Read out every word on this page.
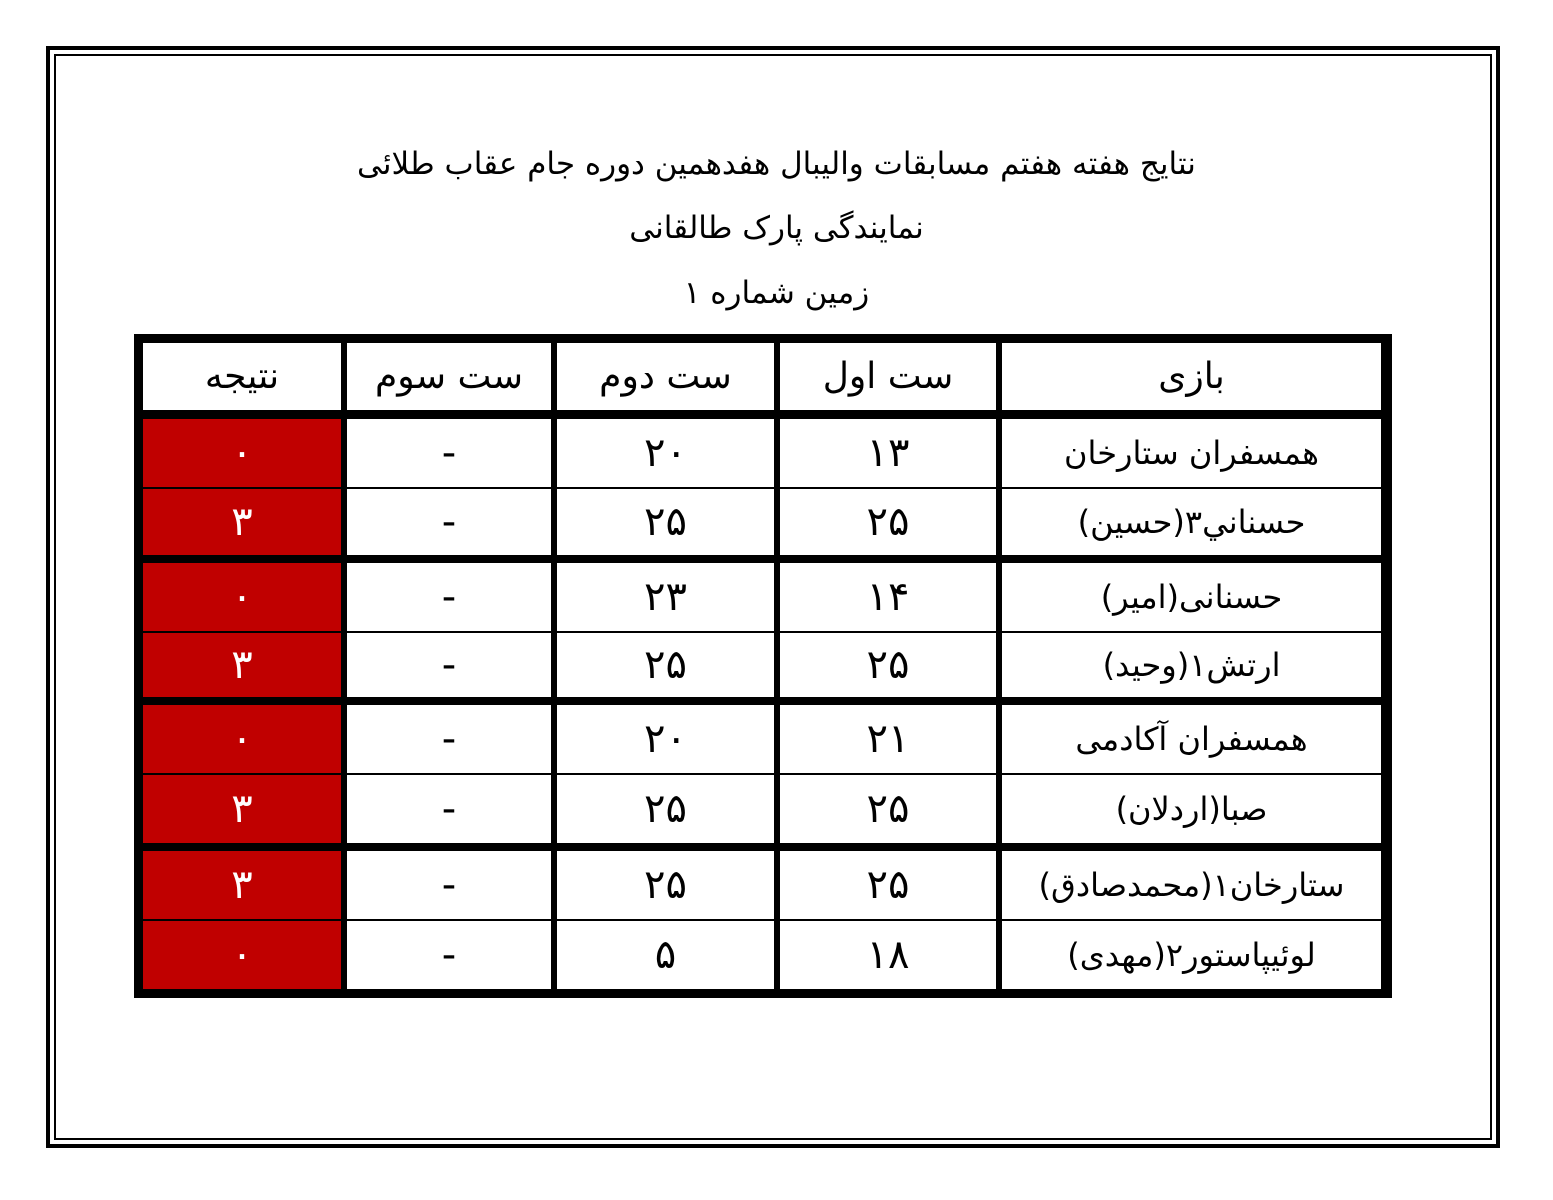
نتایج هفته هفتم مسابقات والیبال هفدهمین دوره جام عقاب طلائی
نمایندگی پارک طالقانی
زمین شماره ۱
بازی
ست اول
ست دوم
ست سوم
نتیجه
همسفران ستارخان
۱۳
۲۰
-
۰
حسناني۳(حسین)
۲۵
۲۵
-
۳
حسنانی(امیر)
۱۴
۲۳
-
۰
ارتش۱(وحید)
۲۵
۲۵
-
۳
همسفران آکادمی
۲۱
۲۰
-
۰
صبا(اردلان)
۲۵
۲۵
-
۳
ستارخان۱(محمدصادق)
۲۵
۲۵
-
۳
لوئیپاستور۲(مهدی)
۱۸
۵
-
۰
